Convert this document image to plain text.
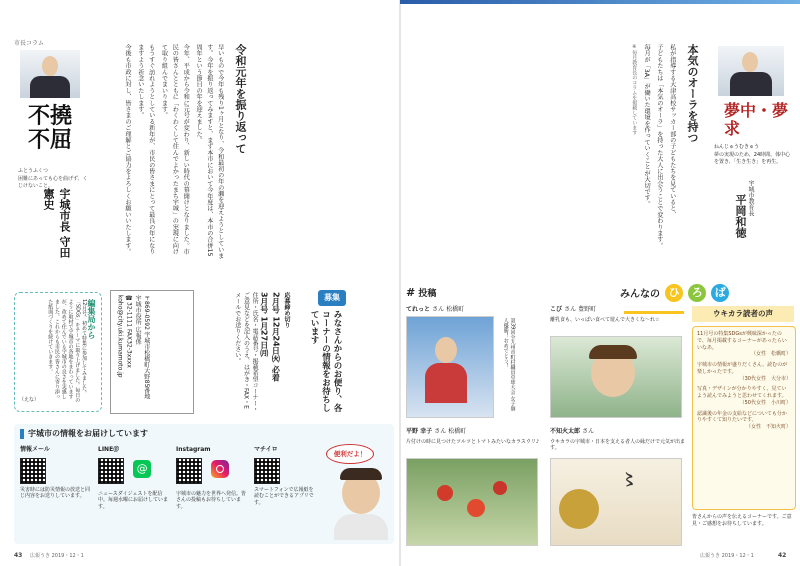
市長コラム
不撓不屈
ふとうふくつ
困難にあっても心を曲げず、くじけないこと。
宇城市長 守田憲史
令和元年を振り返って

早いもので今年も残り1ヶ月となり、令和最初の年の瀬を迎えようとしています。今年を振り返ってみますと、まず本市において今年度は、本市の合併15周年という節目の年を迎えました。

今年、平成から令和に元号が変わり、新しい時代の幕開けとなりました。市民の皆さんとともに「わくわくして住んでよかったまち宇城」の実現に向けて取り組んでまいります。

もうすぐ訪れようとしている新年が、市民の皆さまにとって最良の年になりますよう祈念いたします。

今後も市政に対し、皆さまのご理解とご協力をよろしくお願いいたします。

編集局から
12月号、初めて特集に参加してみました。「SDGs」をテーマに取り上げました。毎日のように取材で宇城市の各地をまわっていますが、改めて住んでいる宇城市の良さを実感しました。これからも市民の皆さんに寄り添った紙面づくりを続けていきます。
（えな）
募集
みなさんからのお便り、各コーナーの情報をお待ちしています
応募締め切り
2月号 12月24日㈫ 必着
3月号 1月27日㈪
住所・氏名・電話番号・掲載希望コーナー・ご意見などを記入のうえ、はがき・FAX・Eメールでお送りください。
〒869-0592 宇城市松橋町大野85番地
宇城市役所 広報係
☎32-1111 FAX32-3xxxx
koho@city.uki.kumamoto.jp
宇城市の情報をお届けしています
情報メール
災害時には防災情報の放送と同じ内容をお送りしています。
LINE＠
@
ニュースダイジェストを配信中。毎週水曜にお届けしています。
Instagram

宇城市の魅力を世界へ発信。皆さんの投稿もお待ちしています。
マチイロ
スマートフォンで広報紙を読むことができるアプリです。
便利だよ！
43 広報うき 2019・12・1
本気のオーラを持つ

私が指導する大津高校サッカー部の子どもたちを見ていると、

子どもたちは「本気のオーラ」を持った大人に出会うことで変わります。

毎月が「3A」が働いた環境を作っていくことが大切です。

※毎月教育長のコラムを掲載しています	夢中・夢求
ねんじゅうむきゅう
夢の実現のため、24時間、体中心を置き、「生き生き」を再生。
宇城市教育長
平岡和徳
# 投稿	みんなの ひ ろ ば
てれっと さん 松橋町
第39回全九州市町村職員卓球大会 女子個人優勝！おめでとう！
こび さん 豊野町
離乳食も、いっぱい食べて遊んで大きくな〜れ☆
平野 幸子 さん 松橋町
片付けの時に見つけたツルツとトマトみたいなカラスウリ♪
不知火太郎 さん
ウキカラの宇城市・日本を支える者人の縁だけで元気が出ます。
〻
ウキカラ読者の声
11月号の特集SDGsが興味深かったので、毎月掲載するコーナーがあったらいいなあ。
（女性　松橋町）
宇城市の情報が盛りだくさん。読むのが楽しかったです。
（30代女性　大分市）
写真・デザインが分かりやすく、見ていよう読んでみようと思わせてくれます。
（50代女性　小川町）
認識後の年金の支給などについても分かりやすくて知りたいです。
（女性　不知火町）
皆さんからの声を伝えるコーナーです。ご意見・ご感想をお待ちしています。
広報うき 2019・12・1	42
